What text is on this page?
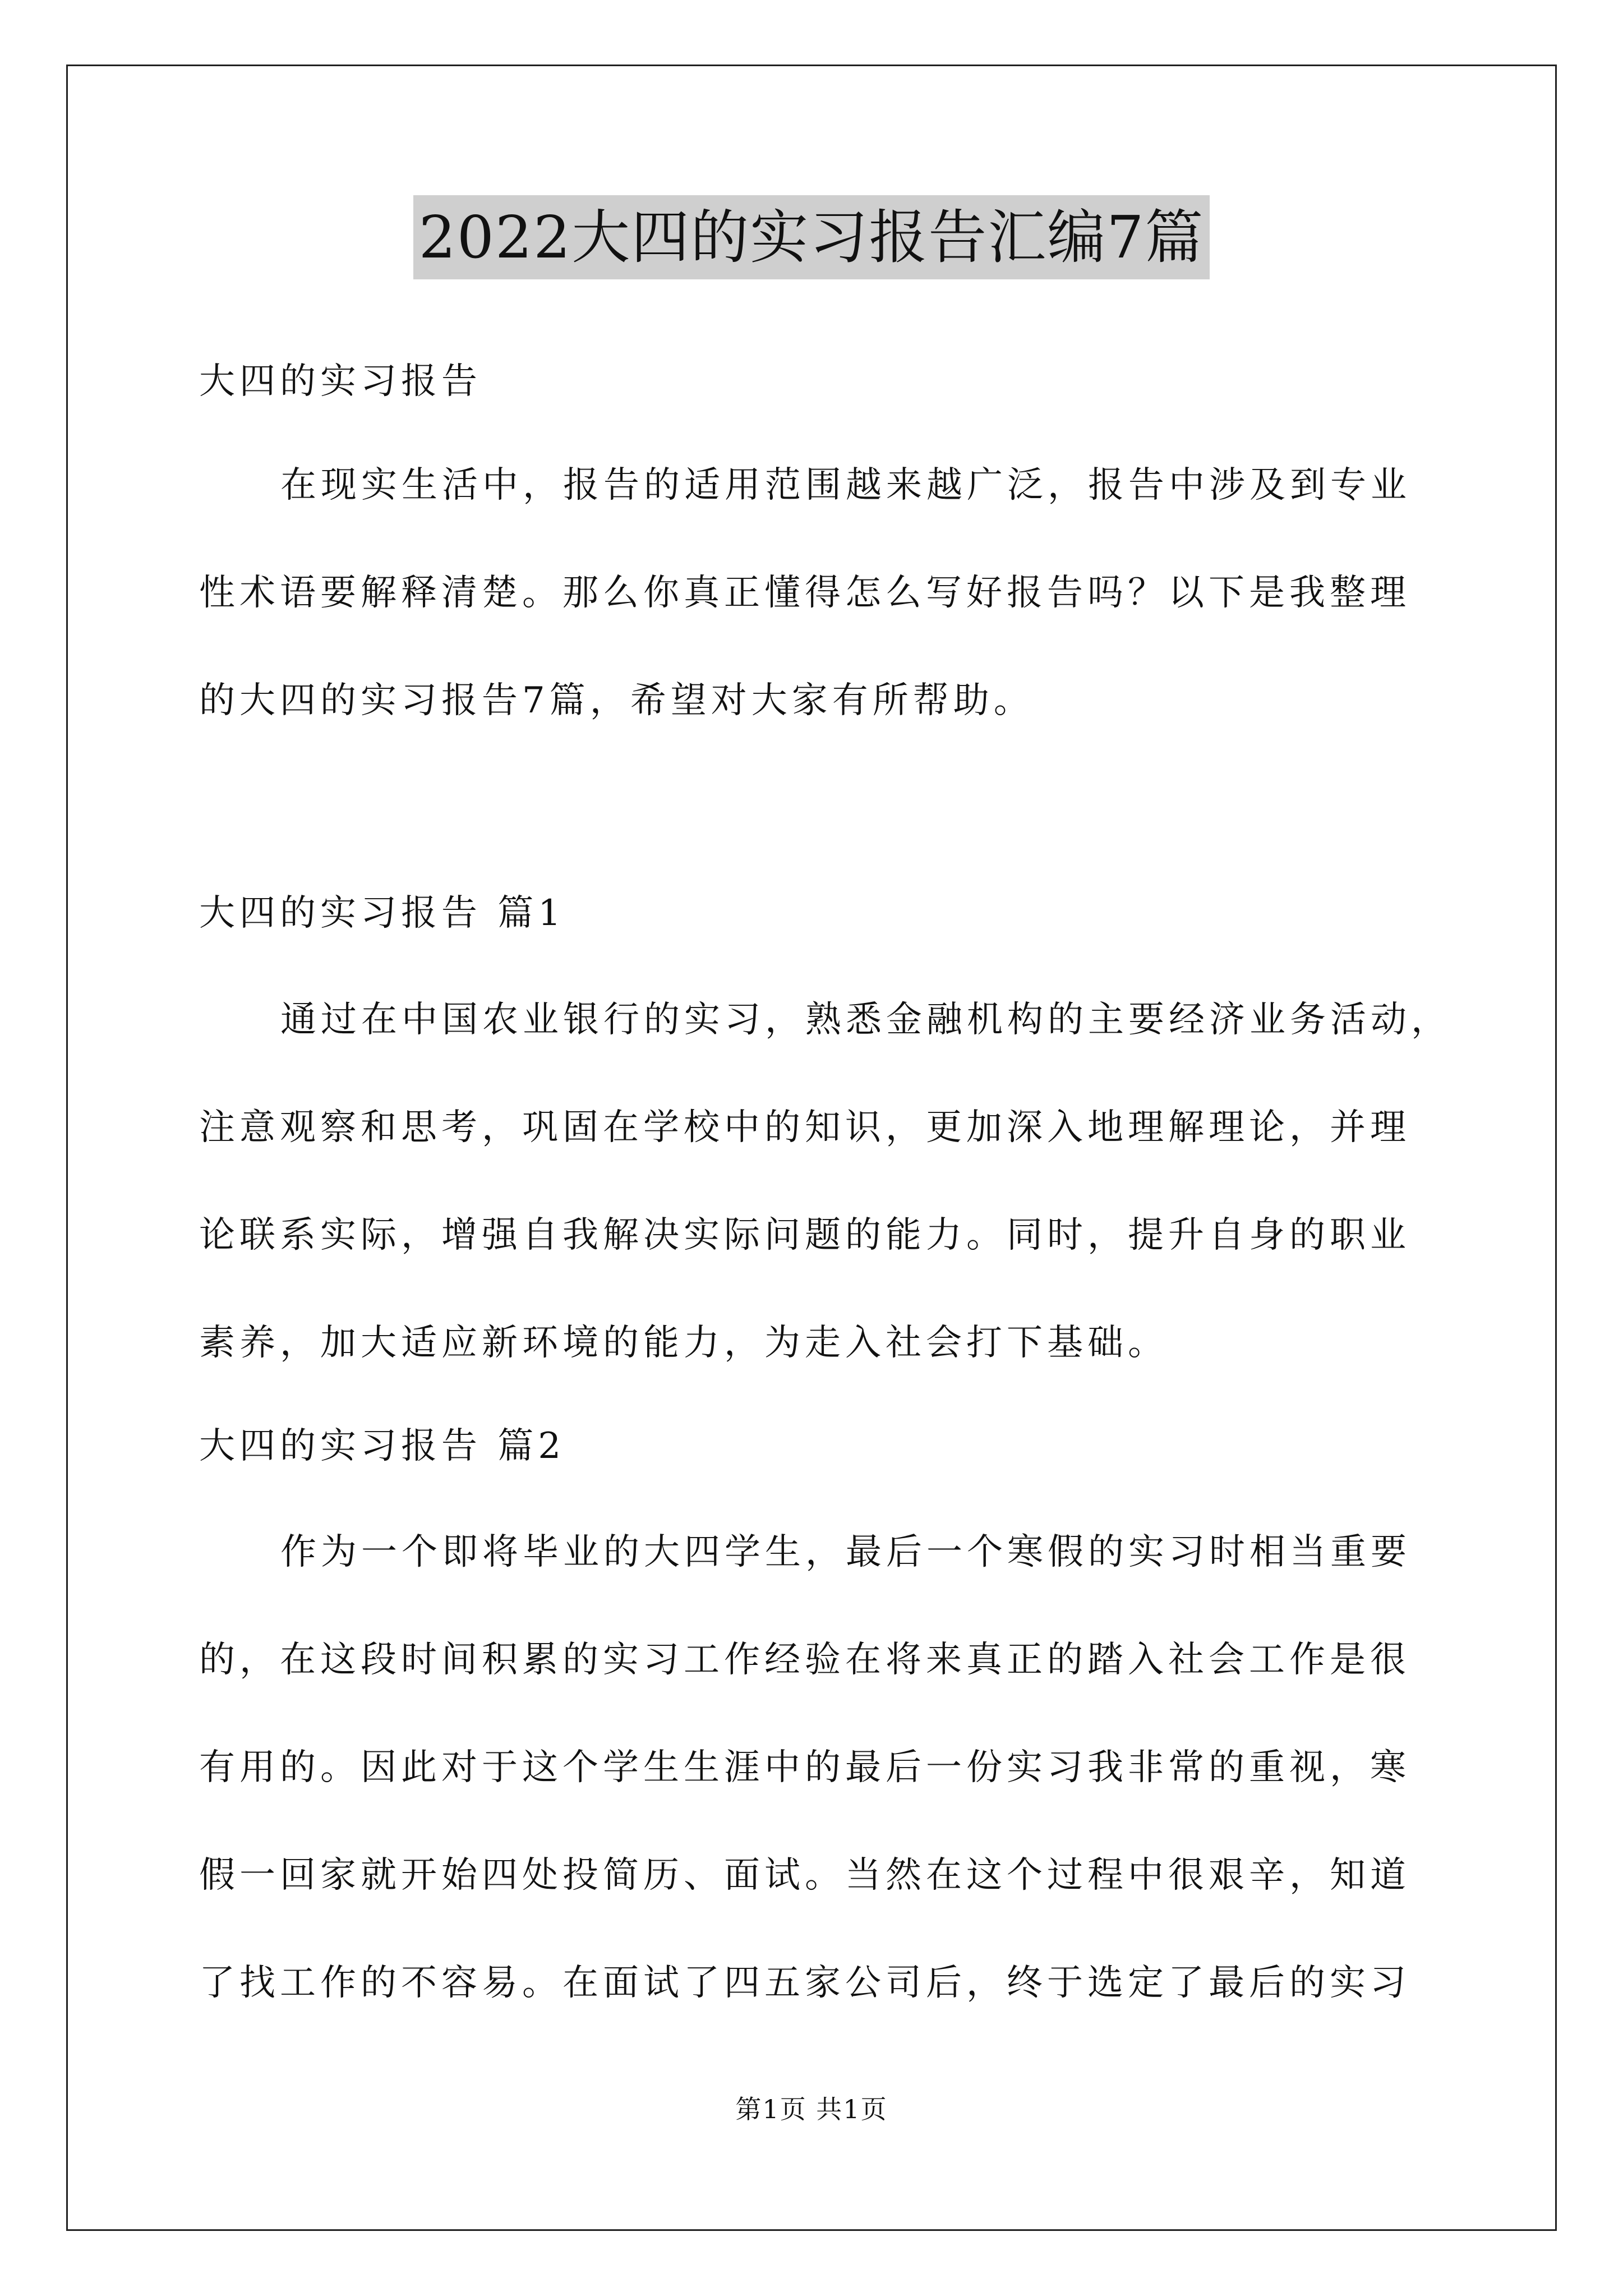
2022大四的实习报告汇编7篇
大四的实习报告
在现实生活中，报告的适用范围越来越广泛，报告中涉及到专业
性术语要解释清楚。那么你真正懂得怎么写好报告吗？以下是我整理
的大四的实习报告7篇，希望对大家有所帮助。
大四的实习报告 篇1
通过在中国农业银行的实习，熟悉金融机构的主要经济业务活动，
注意观察和思考，巩固在学校中的知识，更加深入地理解理论，并理
论联系实际，增强自我解决实际问题的能力。同时，提升自身的职业
素养，加大适应新环境的能力，为走入社会打下基础。
大四的实习报告 篇2
作为一个即将毕业的大四学生，最后一个寒假的实习时相当重要
的，在这段时间积累的实习工作经验在将来真正的踏入社会工作是很
有用的。因此对于这个学生生涯中的最后一份实习我非常的重视，寒
假一回家就开始四处投简历、面试。当然在这个过程中很艰辛，知道
了找工作的不容易。在面试了四五家公司后，终于选定了最后的实习
第1页 共1页
